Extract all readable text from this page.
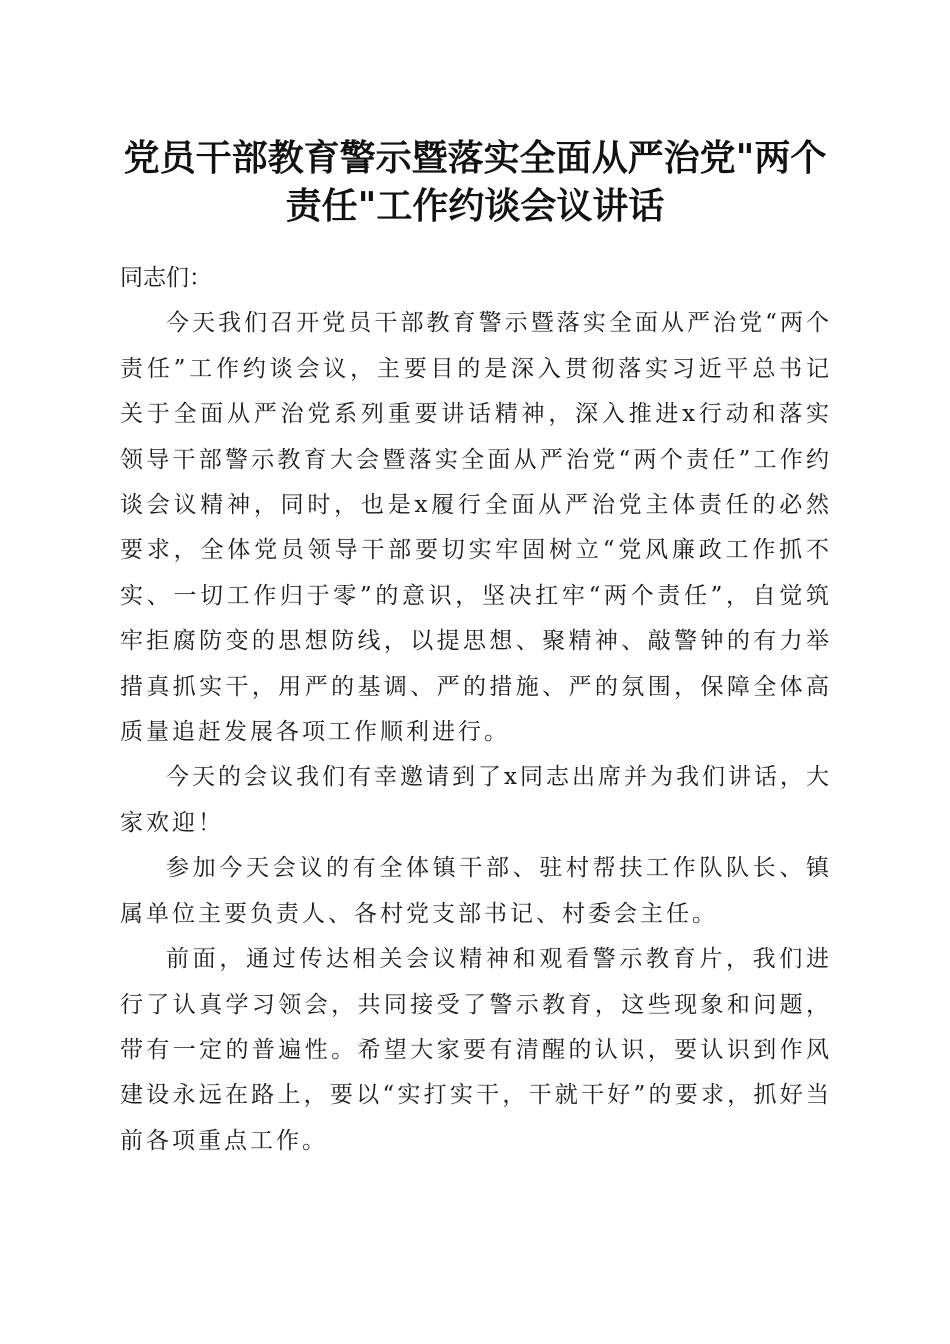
党员干部教育警示暨落实全面从严治党"两个
责任"工作约谈会议讲话

同志们：

今天我们召开党员干部教育警示暨落实全面从严治党“两个责任”工作约谈会议，主要目的是深入贯彻落实习近平总书记关于全面从严治党系列重要讲话精神，深入推进x行动和落实领导干部警示教育大会暨落实全面从严治党“两个责任”工作约谈会议精神，同时，也是x履行全面从严治党主体责任的必然要求，全体党员领导干部要切实牢固树立“党风廉政工作抓不实、一切工作归于零”的意识，坚决扛牢“两个责任”，自觉筑牢拒腐防变的思想防线，以提思想、聚精神、敲警钟的有力举措真抓实干，用严的基调、严的措施、严的氛围，保障全体高质量追赶发展各项工作顺利进行。

今天的会议我们有幸邀请到了x同志出席并为我们讲话，大家欢迎！

参加今天会议的有全体镇干部、驻村帮扶工作队队长、镇属单位主要负责人、各村党支部书记、村委会主任。

前面，通过传达相关会议精神和观看警示教育片，我们进行了认真学习领会，共同接受了警示教育，这些现象和问题，带有一定的普遍性。希望大家要有清醒的认识，要认识到作风建设永远在路上，要以“实打实干，干就干好”的要求，抓好当前各项重点工作。
